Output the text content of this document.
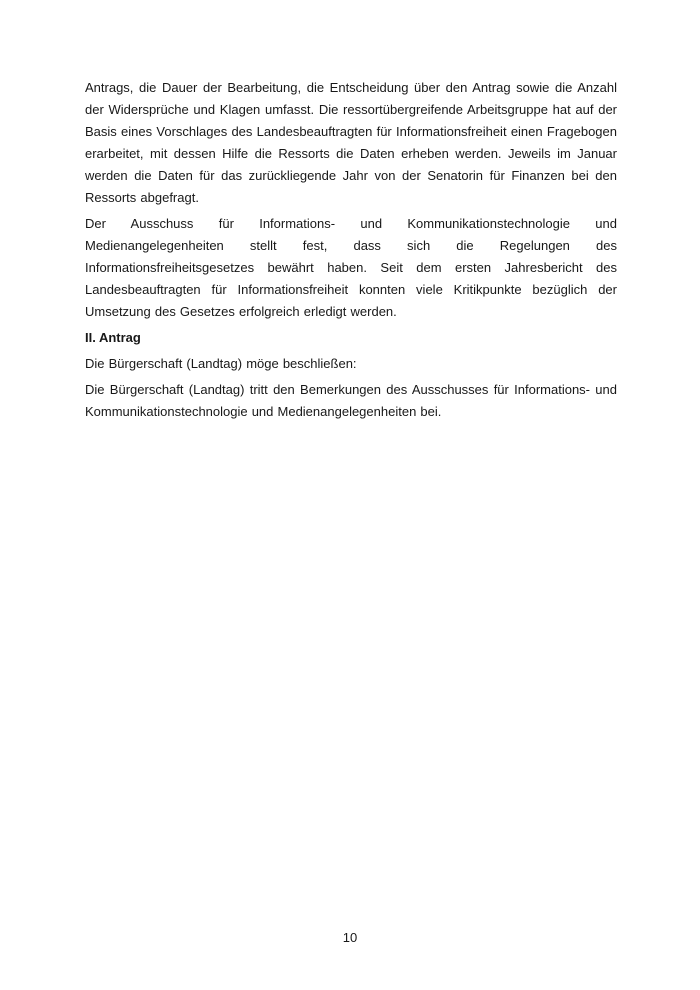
Antrags, die Dauer der Bearbeitung, die Entscheidung über den Antrag sowie die Anzahl der Widersprüche und Klagen umfasst. Die ressortübergreifende Arbeitsgruppe hat auf der Basis eines Vorschlages des Landesbeauftragten für Informationsfreiheit einen Fragebogen erarbeitet, mit dessen Hilfe die Ressorts die Daten erheben werden. Jeweils im Januar werden die Daten für das zurückliegende Jahr von der Senatorin für Finanzen bei den Ressorts abgefragt.

Der Ausschuss für Informations- und Kommunikationstechnologie und Medienangelegenheiten stellt fest, dass sich die Regelungen des Informationsfreiheitsgesetzes bewährt haben. Seit dem ersten Jahresbericht des Landesbeauftragten für Informationsfreiheit konnten viele Kritikpunkte bezüglich der Umsetzung des Gesetzes erfolgreich erledigt werden.

II. Antrag

Die Bürgerschaft (Landtag) möge beschließen:

Die Bürgerschaft (Landtag) tritt den Bemerkungen des Ausschusses für Informations- und Kommunikationstechnologie und Medienangelegenheiten bei.

10
